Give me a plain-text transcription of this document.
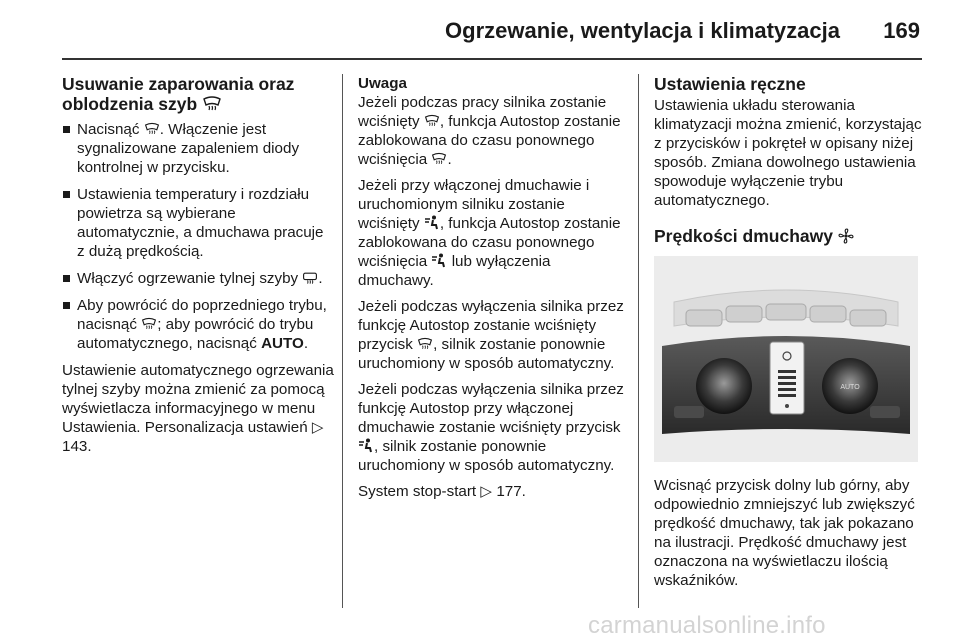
Ogrzewanie, wentylacja i klimatyzacja 169
Usuwanie zaparowania oraz
oblodzenia szyb
Nacisnąć . Włączenie jest sygnalizowane zapaleniem diody kontrolnej w przycisku.
Ustawienia temperatury i rozdziału powietrza są wybierane automatycznie, a dmuchawa pracuje z dużą prędkością.
Włączyć ogrzewanie tylnej szyby .
Aby powrócić do poprzedniego trybu, nacisnąć ; aby powrócić do trybu automatycznego, nacisnąć AUTO.

Ustawienie automatycznego ogrzewania tylnej szyby można zmienić za pomocą wyświetlacza informacyjnego w menu Ustawienia. Personalizacja ustawień ▷ 143.

Uwaga

Jeżeli podczas pracy silnika zostanie wciśnięty , funkcja Autostop zostanie zablokowana do czasu ponownego wciśnięcia .

Jeżeli przy włączonej dmuchawie i uruchomionym silniku zostanie wciśnięty , funkcja Autostop zostanie zablokowana do czasu ponownego wciśnięcia lub wyłączenia dmuchawy.

Jeżeli podczas wyłączenia silnika przez funkcję Autostop zostanie wciśnięty przycisk , silnik zostanie ponownie uruchomiony w sposób automatyczny.

Jeżeli podczas wyłączenia silnika przez funkcję Autostop przy włączonej dmuchawie zostanie wciśnięty przycisk , silnik zostanie ponownie uruchomiony w sposób automatyczny.

System stop-start ▷ 177.

Ustawienia ręczne

Ustawienia układu sterowania klimatyzacji można zmienić, korzystając z przycisków i pokręteł w opisany niżej sposób. Zmiana dowolnego ustawienia spowoduje wyłączenie trybu automatycznego.

Prędkości dmuchawy
AUTO

Wcisnąć przycisk dolny lub górny, aby odpowiednio zmniejszyć lub zwiększyć prędkość dmuchawy, tak jak pokazano na ilustracji. Prędkość dmuchawy jest oznaczona na wyświetlaczu ilością wskaźników.

carmanualsonline.info
